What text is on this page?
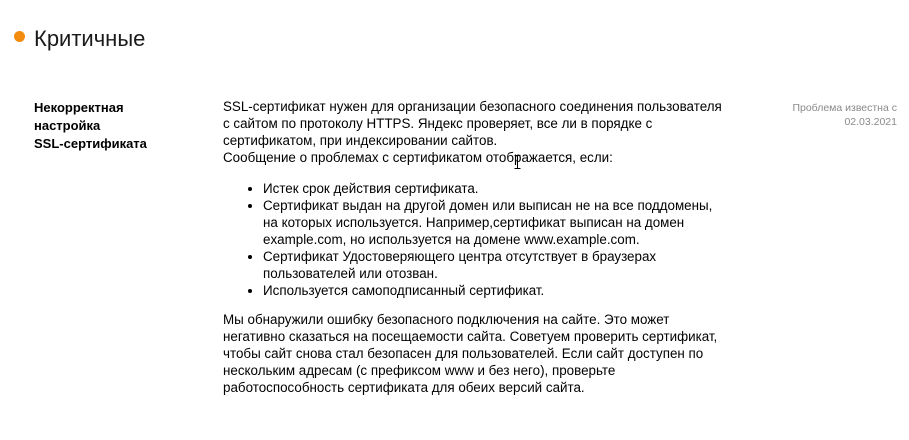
Критичные
Некорректная
настройка
SSL-сертификата

SSL-сертификат нужен для организации безопасного соединения пользователя с сайтом по протоколу HTTPS. Яндекс проверяет, все ли в порядке с сертификатом, при индексировании сайтов.

Сообщение о проблемах с сертификатом отображается, если:

• Истек срок действия сертификата.
• Сертификат выдан на другой домен или выписан не на все поддомены, на которых используется. Например,сертификат выписан на домен example.com, но используется на домене www.example.com.
• Сертификат Удостоверяющего центра отсутствует в браузерах пользователей или отозван.
• Используется самоподписанный сертификат.

Мы обнаружили ошибку безопасного подключения на сайте. Это может негативно сказаться на посещаемости сайта. Советуем проверить сертификат, чтобы сайт снова стал безопасен для пользователей. Если сайт доступен по нескольким адресам (с префиксом www и без него), проверьте работоспособность сертификата для обеих версий сайта.

Проблема известна с
02.03.2021
